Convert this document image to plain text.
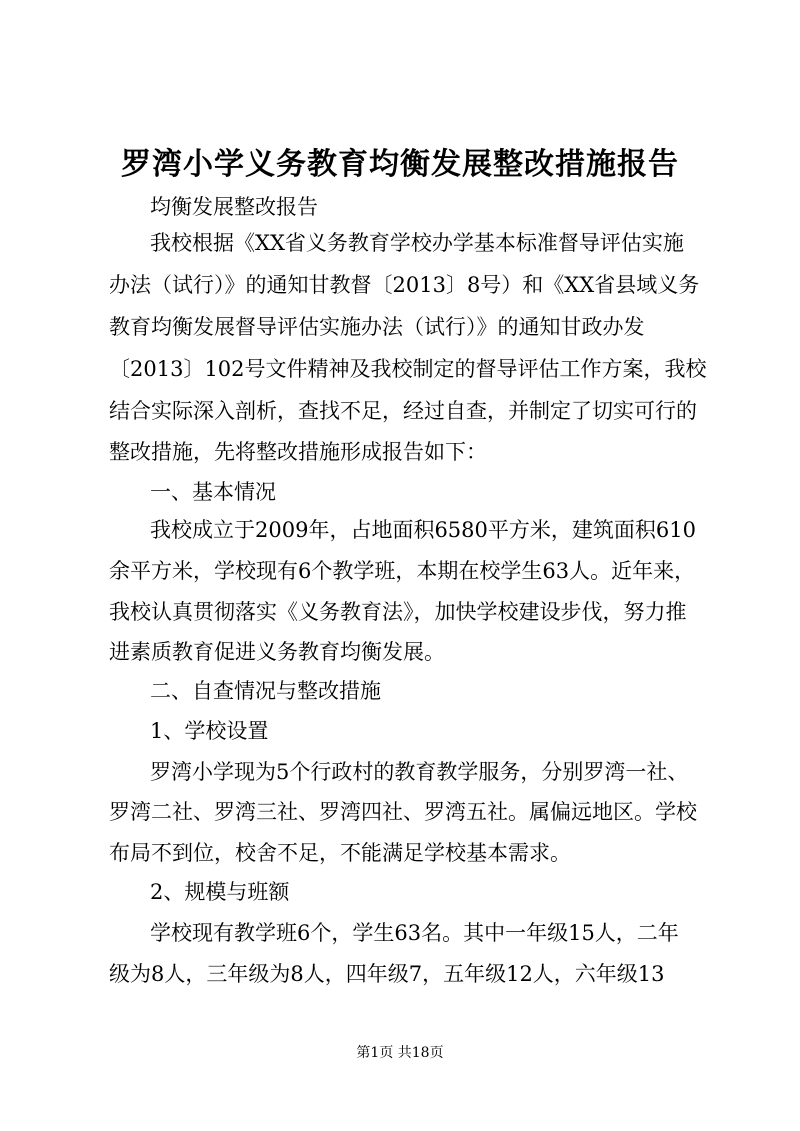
罗湾小学义务教育均衡发展整改措施报告
均衡发展整改报告
我校根据《XX省义务教育学校办学基本标准督导评估实施
办法（试行）》的通知甘教督〔2013〕8号）和《XX省县域义务
教育均衡发展督导评估实施办法（试行）》的通知甘政办发
〔2013〕102号文件精神及我校制定的督导评估工作方案，我校
结合实际深入剖析，查找不足，经过自查，并制定了切实可行的
整改措施，先将整改措施形成报告如下：
一、基本情况
我校成立于2009年，占地面积6580平方米，建筑面积610
余平方米，学校现有6个教学班，本期在校学生63人。近年来，
我校认真贯彻落实《义务教育法》，加快学校建设步伐，努力推
进素质教育促进义务教育均衡发展。
二、自查情况与整改措施
1、学校设置
罗湾小学现为5个行政村的教育教学服务，分别罗湾一社、
罗湾二社、罗湾三社、罗湾四社、罗湾五社。属偏远地区。学校
布局不到位，校舍不足，不能满足学校基本需求。
2、规模与班额
学校现有教学班6个，学生63名。其中一年级15人，二年
级为8人，三年级为8人，四年级7，五年级12人，六年级13
第1页 共18页
